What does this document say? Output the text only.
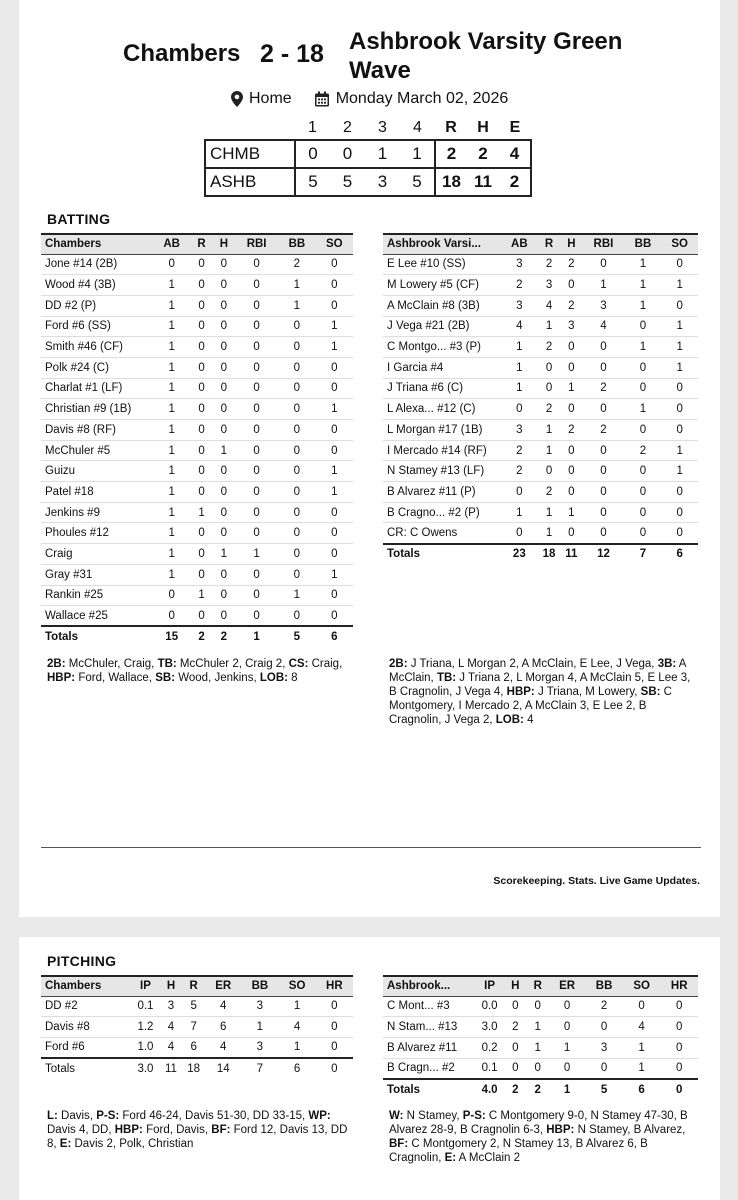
Chambers 2 - 18 Ashbrook Varsity Green Wave
Home	Monday March 02, 2026
	1	2	3	4	R	H	E
CHMB	0	0	1	1	2	2	4
ASHB	5	5	3	5	18	11	2
BATTING
Chambers	AB	R	H	RBI	BB	SO
Jone #14 (2B)	0	0	0	0	2	0
Wood #4 (3B)	1	0	0	0	1	0
DD #2 (P)	1	0	0	0	1	0
Ford #6 (SS)	1	0	0	0	0	1
Smith #46 (CF)	1	0	0	0	0	1
Polk #24 (C)	1	0	0	0	0	0
Charlat #1 (LF)	1	0	0	0	0	0
Christian #9 (1B)	1	0	0	0	0	1
Davis #8 (RF)	1	0	0	0	0	0
McChuler #5	1	0	1	0	0	0
Guizu	1	0	0	0	0	1
Patel #18	1	0	0	0	0	1
Jenkins #9	1	1	0	0	0	0
Phoules #12	1	0	0	0	0	0
Craig	1	0	1	1	0	0
Gray #31	1	0	0	0	0	1
Rankin #25	0	1	0	0	1	0
Wallace #25	0	0	0	0	0	0
Totals	15	2	2	1	5	6
Ashbrook Varsi...	AB	R	H	RBI	BB	SO
E Lee #10 (SS)	3	2	2	0	1	0
M Lowery #5 (CF)	2	3	0	1	1	1
A McClain #8 (3B)	3	4	2	3	1	0
J Vega #21 (2B)	4	1	3	4	0	1
C Montgo... #3 (P)	1	2	0	0	1	1
I Garcia #4	1	0	0	0	0	1
J Triana #6 (C)	1	0	1	2	0	0
L Alexa... #12 (C)	0	2	0	0	1	0
L Morgan #17 (1B)	3	1	2	2	0	0
I Mercado #14 (RF)	2	1	0	0	2	1
N Stamey #13 (LF)	2	0	0	0	0	1
B Alvarez #11 (P)	0	2	0	0	0	0
B Cragno... #2 (P)	1	1	1	0	0	0
CR: C Owens	0	1	0	0	0	0
Totals	23	18	11	12	7	6
2B: McChuler, Craig, TB: McChuler 2, Craig 2, CS: Craig, HBP: Ford, Wallace, SB: Wood, Jenkins, LOB: 8
2B: J Triana, L Morgan 2, A McClain, E Lee, J Vega, 3B: A McClain, TB: J Triana 2, L Morgan 4, A McClain 5, E Lee 3, B Cragnolin, J Vega 4, HBP: J Triana, M Lowery, SB: C Montgomery, I Mercado 2, A McClain 3, E Lee 2, B Cragnolin, J Vega 2, LOB: 4
Scorekeeping. Stats. Live Game Updates.
PITCHING
Chambers	IP	H	R	ER	BB	SO	HR
DD #2	0.1	3	5	4	3	1	0
Davis #8	1.2	4	7	6	1	4	0
Ford #6	1.0	4	6	4	3	1	0
Totals	3.0	11	18	14	7	6	0
Ashbrook...	IP	H	R	ER	BB	SO	HR
C Mont... #3	0.0	0	0	0	2	0	0
N Stam... #13	3.0	2	1	0	0	4	0
B Alvarez #11	0.2	0	1	1	3	1	0
B Cragn... #2	0.1	0	0	0	0	1	0
Totals	4.0	2	2	1	5	6	0
L: Davis, P-S: Ford 46-24, Davis 51-30, DD 33-15, WP: Davis 4, DD, HBP: Ford, Davis, BF: Ford 12, Davis 13, DD 8, E: Davis 2, Polk, Christian
W: N Stamey, P-S: C Montgomery 9-0, N Stamey 47-30, B Alvarez 28-9, B Cragnolin 6-3, HBP: N Stamey, B Alvarez, BF: C Montgomery 2, N Stamey 13, B Alvarez 6, B Cragnolin, E: A McClain 2
